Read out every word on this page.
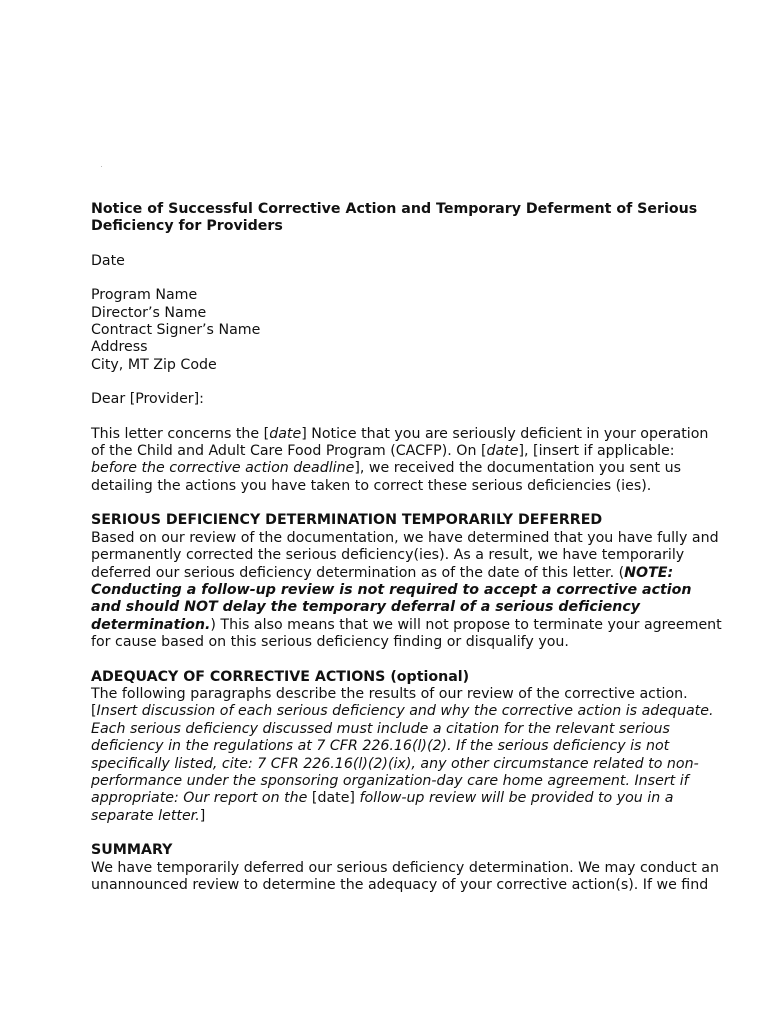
Notice of Successful Corrective Action and Temporary Deferment of Serious Deficiency for Providers
Date
Program Name
Director’s Name
Contract Signer’s Name
Address
City, MT Zip Code
Dear [Provider]:

This letter concerns the [date] Notice that you are seriously deficient in your operation of the Child and Adult Care Food Program (CACFP). On [date], [insert if applicable: before the corrective action deadline], we received the documentation you sent us detailing the actions you have taken to correct these serious deficiencies (ies).

SERIOUS DEFICIENCY DETERMINATION TEMPORARILY DEFERRED

Based on our review of the documentation, we have determined that you have fully and permanently corrected the serious deficiency(ies). As a result, we have temporarily deferred our serious deficiency determination as of the date of this letter. (NOTE: Conducting a follow-up review is not required to accept a corrective action and should NOT delay the temporary deferral of a serious deficiency determination.) This also means that we will not propose to terminate your agreement for cause based on this serious deficiency finding or disqualify you.

ADEQUACY OF CORRECTIVE ACTIONS (optional)

The following paragraphs describe the results of our review of the corrective action. [Insert discussion of each serious deficiency and why the corrective action is adequate. Each serious deficiency discussed must include a citation for the relevant serious deficiency in the regulations at 7 CFR 226.16(l)(2). If the serious deficiency is not specifically listed, cite: 7 CFR 226.16(l)(2)(ix), any other circumstance related to non-performance under the sponsoring organization-day care home agreement. Insert if appropriate: Our report on the [date] follow-up review will be provided to you in a separate letter.]

SUMMARY

We have temporarily deferred our serious deficiency determination. We may conduct an unannounced review to determine the adequacy of your corrective action(s). If we find
